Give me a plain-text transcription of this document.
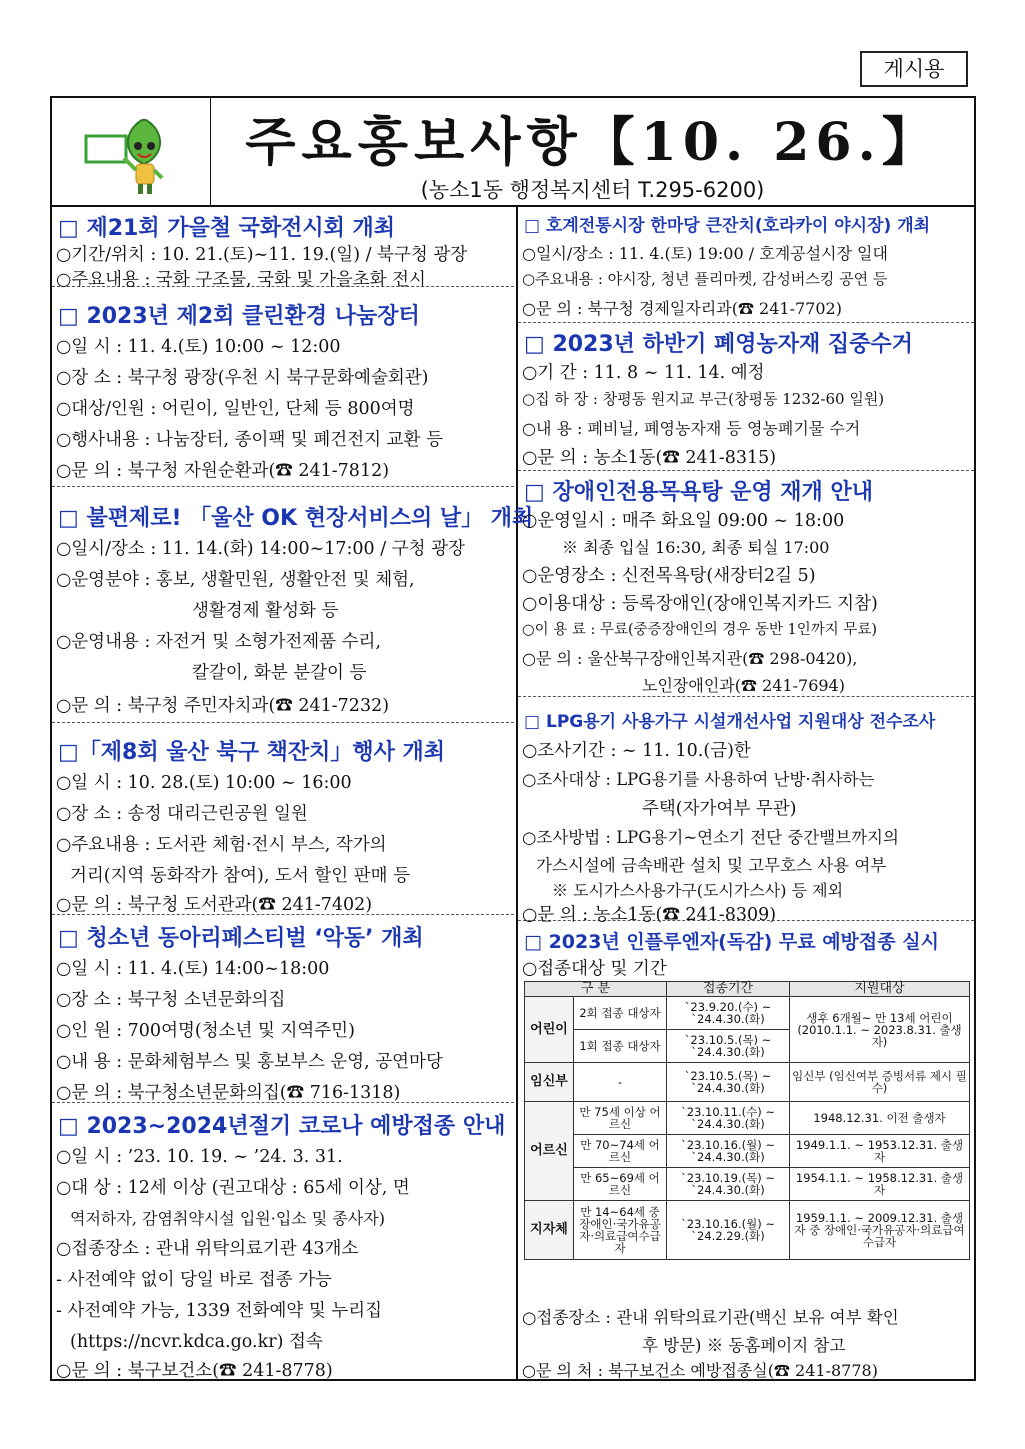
게시용
주요홍보사항【10. 26.】
(농소1동 행정복지센터 T.295-6200)
□ 제21회 가을철 국화전시회 개최
○기간/위치 : 10. 21.(토)~11. 19.(일) / 북구청 광장
○주요내용 : 국화 구조물, 국화 및 가을초화 전시
□ 2023년 제2회 클린환경 나눔장터
○일 시 : 11. 4.(토) 10:00 ~ 12:00
○장 소 : 북구청 광장(우천 시 북구문화예술회관)
○대상/인원 : 어린이, 일반인, 단체 등 800여명
○행사내용 : 나눔장터, 종이팩 및 폐건전지 교환 등
○문 의 : 북구청 자원순환과(☎ 241-7812)
□ 불편제로! 「울산 OK 현장서비스의 날」 개최
○일시/장소 : 11. 14.(화) 14:00~17:00 / 구청 광장
○운영분야 : 홍보, 생활민원, 생활안전 및 체험,
생활경제 활성화 등
○운영내용 : 자전거 및 소형가전제품 수리,
칼갈이, 화분 분갈이 등
○문 의 : 북구청 주민자치과(☎ 241-7232)
□「제8회 울산 북구 책잔치」행사 개최
○일 시 : 10. 28.(토) 10:00 ~ 16:00
○장 소 : 송정 대리근린공원 일원
○주요내용 : 도서관 체험·전시 부스, 작가의
거리(지역 동화작가 참여), 도서 할인 판매 등
○문 의 : 북구청 도서관과(☎ 241-7402)
□ 청소년 동아리페스티벌 ‘악동’ 개최
○일 시 : 11. 4.(토) 14:00~18:00
○장 소 : 북구청 소년문화의집
○인 원 : 700여명(청소년 및 지역주민)
○내 용 : 문화체험부스 및 홍보부스 운영, 공연마당
○문 의 : 북구청소년문화의집(☎ 716-1318)
□ 2023~2024년절기 코로나 예방접종 안내
○일 시 : ’23. 10. 19. ~ ’24. 3. 31.
○대 상 : 12세 이상 (권고대상 : 65세 이상, 면
역저하자, 감염취약시설 입원·입소 및 종사자)
○접종장소 : 관내 위탁의료기관 43개소
- 사전예약 없이 당일 바로 접종 가능
- 사전예약 가능, 1339 전화예약 및 누리집
(https://ncvr.kdca.go.kr) 접속
○문 의 : 북구보건소(☎ 241-8778)
□ 호계전통시장 한마당 큰잔치(호라카이 야시장) 개최
○일시/장소 : 11. 4.(토) 19:00 / 호계공설시장 일대
○주요내용 : 야시장, 청년 플리마켓, 감성버스킹 공연 등
○문 의 : 북구청 경제일자리과(☎ 241-7702)
□ 2023년 하반기 폐영농자재 집중수거
○기 간 : 11. 8 ~ 11. 14. 예정
○집 하 장 : 창평동 원지교 부근(창평동 1232-60 일원)
○내 용 : 폐비닐, 폐영농자재 등 영농폐기물 수거
○문 의 : 농소1동(☎ 241-8315)
□ 장애인전용목욕탕 운영 재개 안내
○운영일시 : 매주 화요일 09:00 ~ 18:00
※ 최종 입실 16:30, 최종 퇴실 17:00
○운영장소 : 신전목욕탕(새장터2길 5)
○이용대상 : 등록장애인(장애인복지카드 지참)
○이 용 료 : 무료(중증장애인의 경우 동반 1인까지 무료)
○문 의 : 울산북구장애인복지관(☎ 298-0420),
노인장애인과(☎ 241-7694)
□ LPG용기 사용가구 시설개선사업 지원대상 전수조사
○조사기간 : ~ 11. 10.(금)한
○조사대상 : LPG용기를 사용하여 난방·취사하는
주택(자가여부 무관)
○조사방법 : LPG용기~연소기 전단 중간밸브까지의
가스시설에 금속배관 설치 및 고무호스 사용 여부
※ 도시가스사용가구(도시가스사) 등 제외
○문 의 : 농소1동(☎ 241-8309)
□ 2023년 인플루엔자(독감) 무료 예방접종 실시
○접종대상 및 기간
구 분		접종기간	지원대상
어린이	2회 접종 대상자	`23.9.20.(수) ~ `24.4.30.(화)	생후 6개월~ 만 13세 어린이 (2010.1.1. ~ 2023.8.31. 출생자)
	1회 접종 대상자	`23.10.5.(목) ~ `24.4.30.(화)	
임신부	-	`23.10.5.(목) ~ `24.4.30.(화)	임신부 (임신여부 증빙서류 제시 필수)
어르신	만 75세 이상 어르신	`23.10.11.(수) ~ `24.4.30.(화)	1948.12.31. 이전 출생자
	만 70~74세 어르신	`23.10.16.(월) ~ `24.4.30.(화)	1949.1.1. ~ 1953.12.31. 출생자
	만 65~69세 어르신	`23.10.19.(목) ~ `24.4.30.(화)	1954.1.1. ~ 1958.12.31. 출생자
지자체	만 14~64세 중 장애인·국가유공자·의료급여수급자	`23.10.16.(월) ~ `24.2.29.(화)	1959.1.1. ~ 2009.12.31. 출생자 중 장애인·국가유공자·의료급여수급자
○접종장소 : 관내 위탁의료기관(백신 보유 여부 확인
후 방문) ※ 동홈페이지 참고
○문 의 처 : 북구보건소 예방접종실(☎ 241-8778)
